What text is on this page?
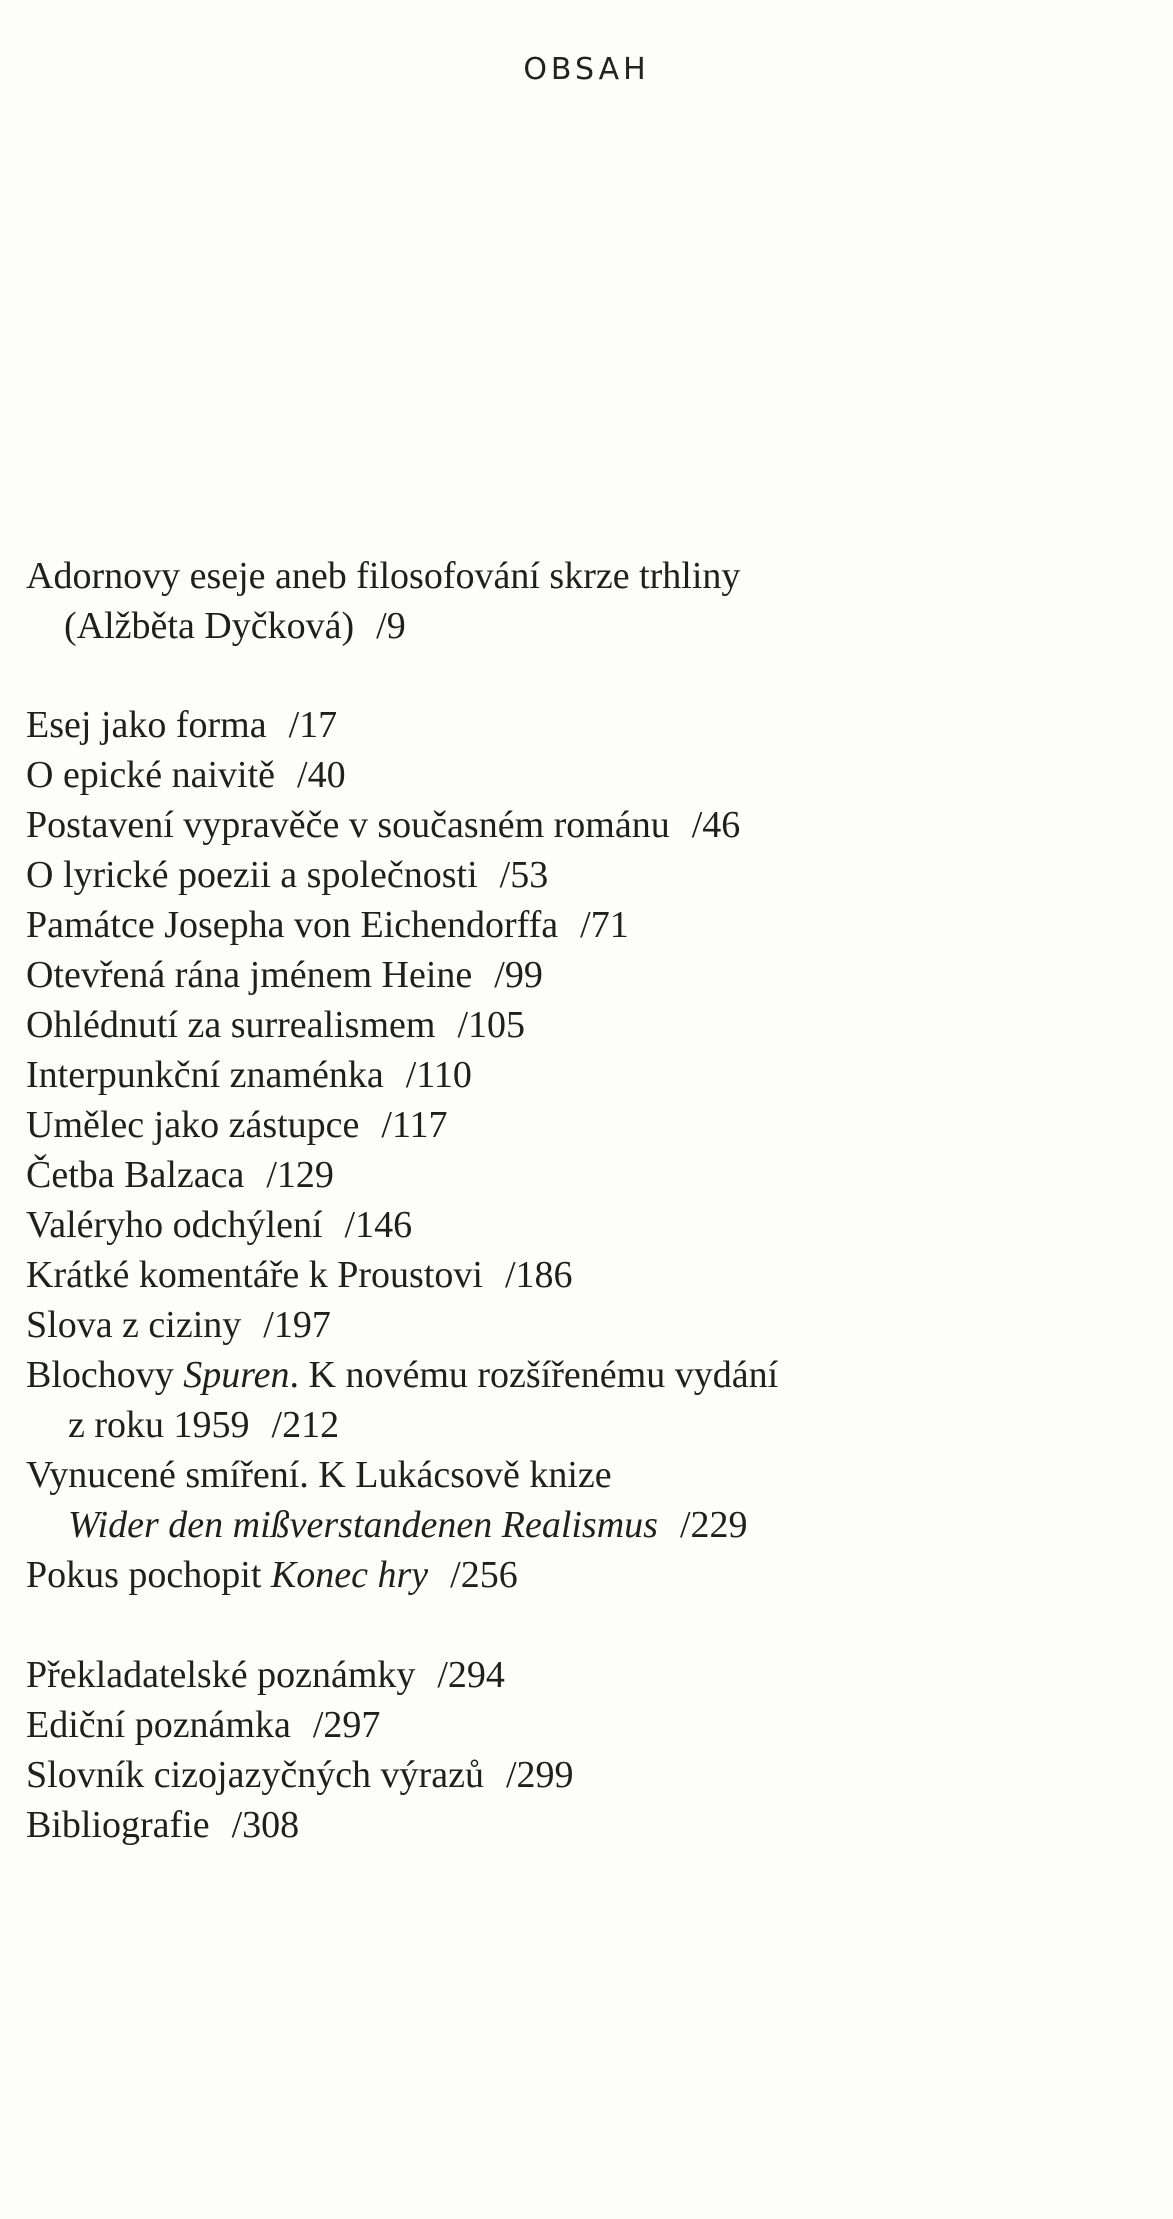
OBSAH
Adornovy eseje aneb filosofování skrze trhliny
(Alžběta Dyčková) /9
Esej jako forma /17
O epické naivitě /40
Postavení vypravěče v současném románu /46
O lyrické poezii a společnosti /53
Památce Josepha von Eichendorffa /71
Otevřená rána jménem Heine /99
Ohlédnutí za surrealismem /105
Interpunkční znaménka /110
Umělec jako zástupce /117
Četba Balzaca /129
Valéryho odchýlení /146
Krátké komentáře k Proustovi /186
Slova z ciziny /197
Blochovy Spuren. K novému rozšířenému vydání
z roku 1959 /212
Vynucené smíření. K Lukácsově knize
Wider den mißverstandenen Realismus /229
Pokus pochopit Konec hry /256
Překladatelské poznámky /294
Ediční poznámka /297
Slovník cizojazyčných výrazů /299
Bibliografie /308
